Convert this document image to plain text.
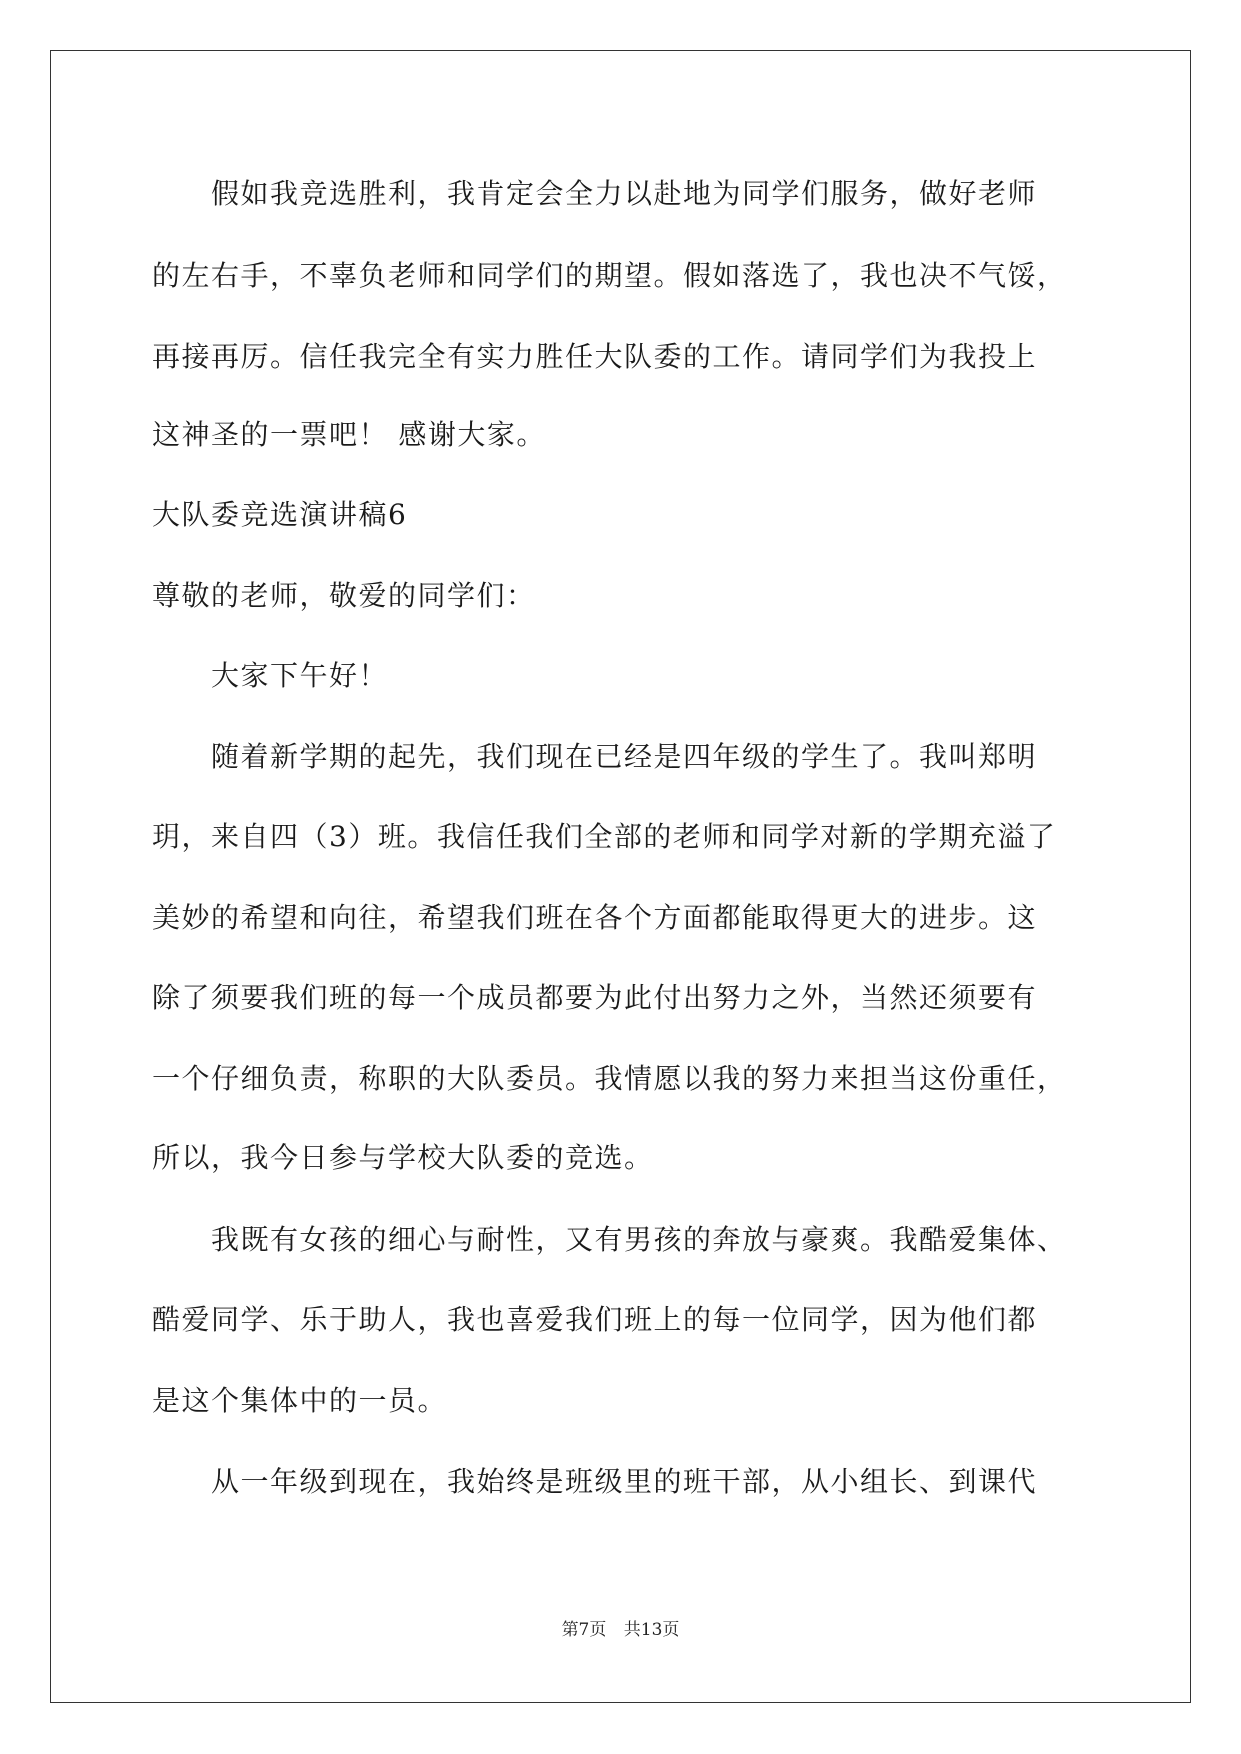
　　假如我竞选胜利，我肯定会全力以赴地为同学们服务，做好老师
的左右手，不辜负老师和同学们的期望。假如落选了，我也决不气馁，
再接再厉。信任我完全有实力胜任大队委的工作。请同学们为我投上
这神圣的一票吧！ 感谢大家。
大队委竞选演讲稿6
尊敬的老师，敬爱的同学们：
　　大家下午好！
　　随着新学期的起先，我们现在已经是四年级的学生了。我叫郑明
玥，来自四（3）班。我信任我们全部的老师和同学对新的学期充溢了
美妙的希望和向往，希望我们班在各个方面都能取得更大的进步。这
除了须要我们班的每一个成员都要为此付出努力之外，当然还须要有
一个仔细负责，称职的大队委员。我情愿以我的努力来担当这份重任，
所以，我今日参与学校大队委的竞选。
　　我既有女孩的细心与耐性，又有男孩的奔放与豪爽。我酷爱集体、
酷爱同学、乐于助人，我也喜爱我们班上的每一位同学，因为他们都
是这个集体中的一员。
　　从一年级到现在，我始终是班级里的班干部，从小组长、到课代
第7页 共13页
